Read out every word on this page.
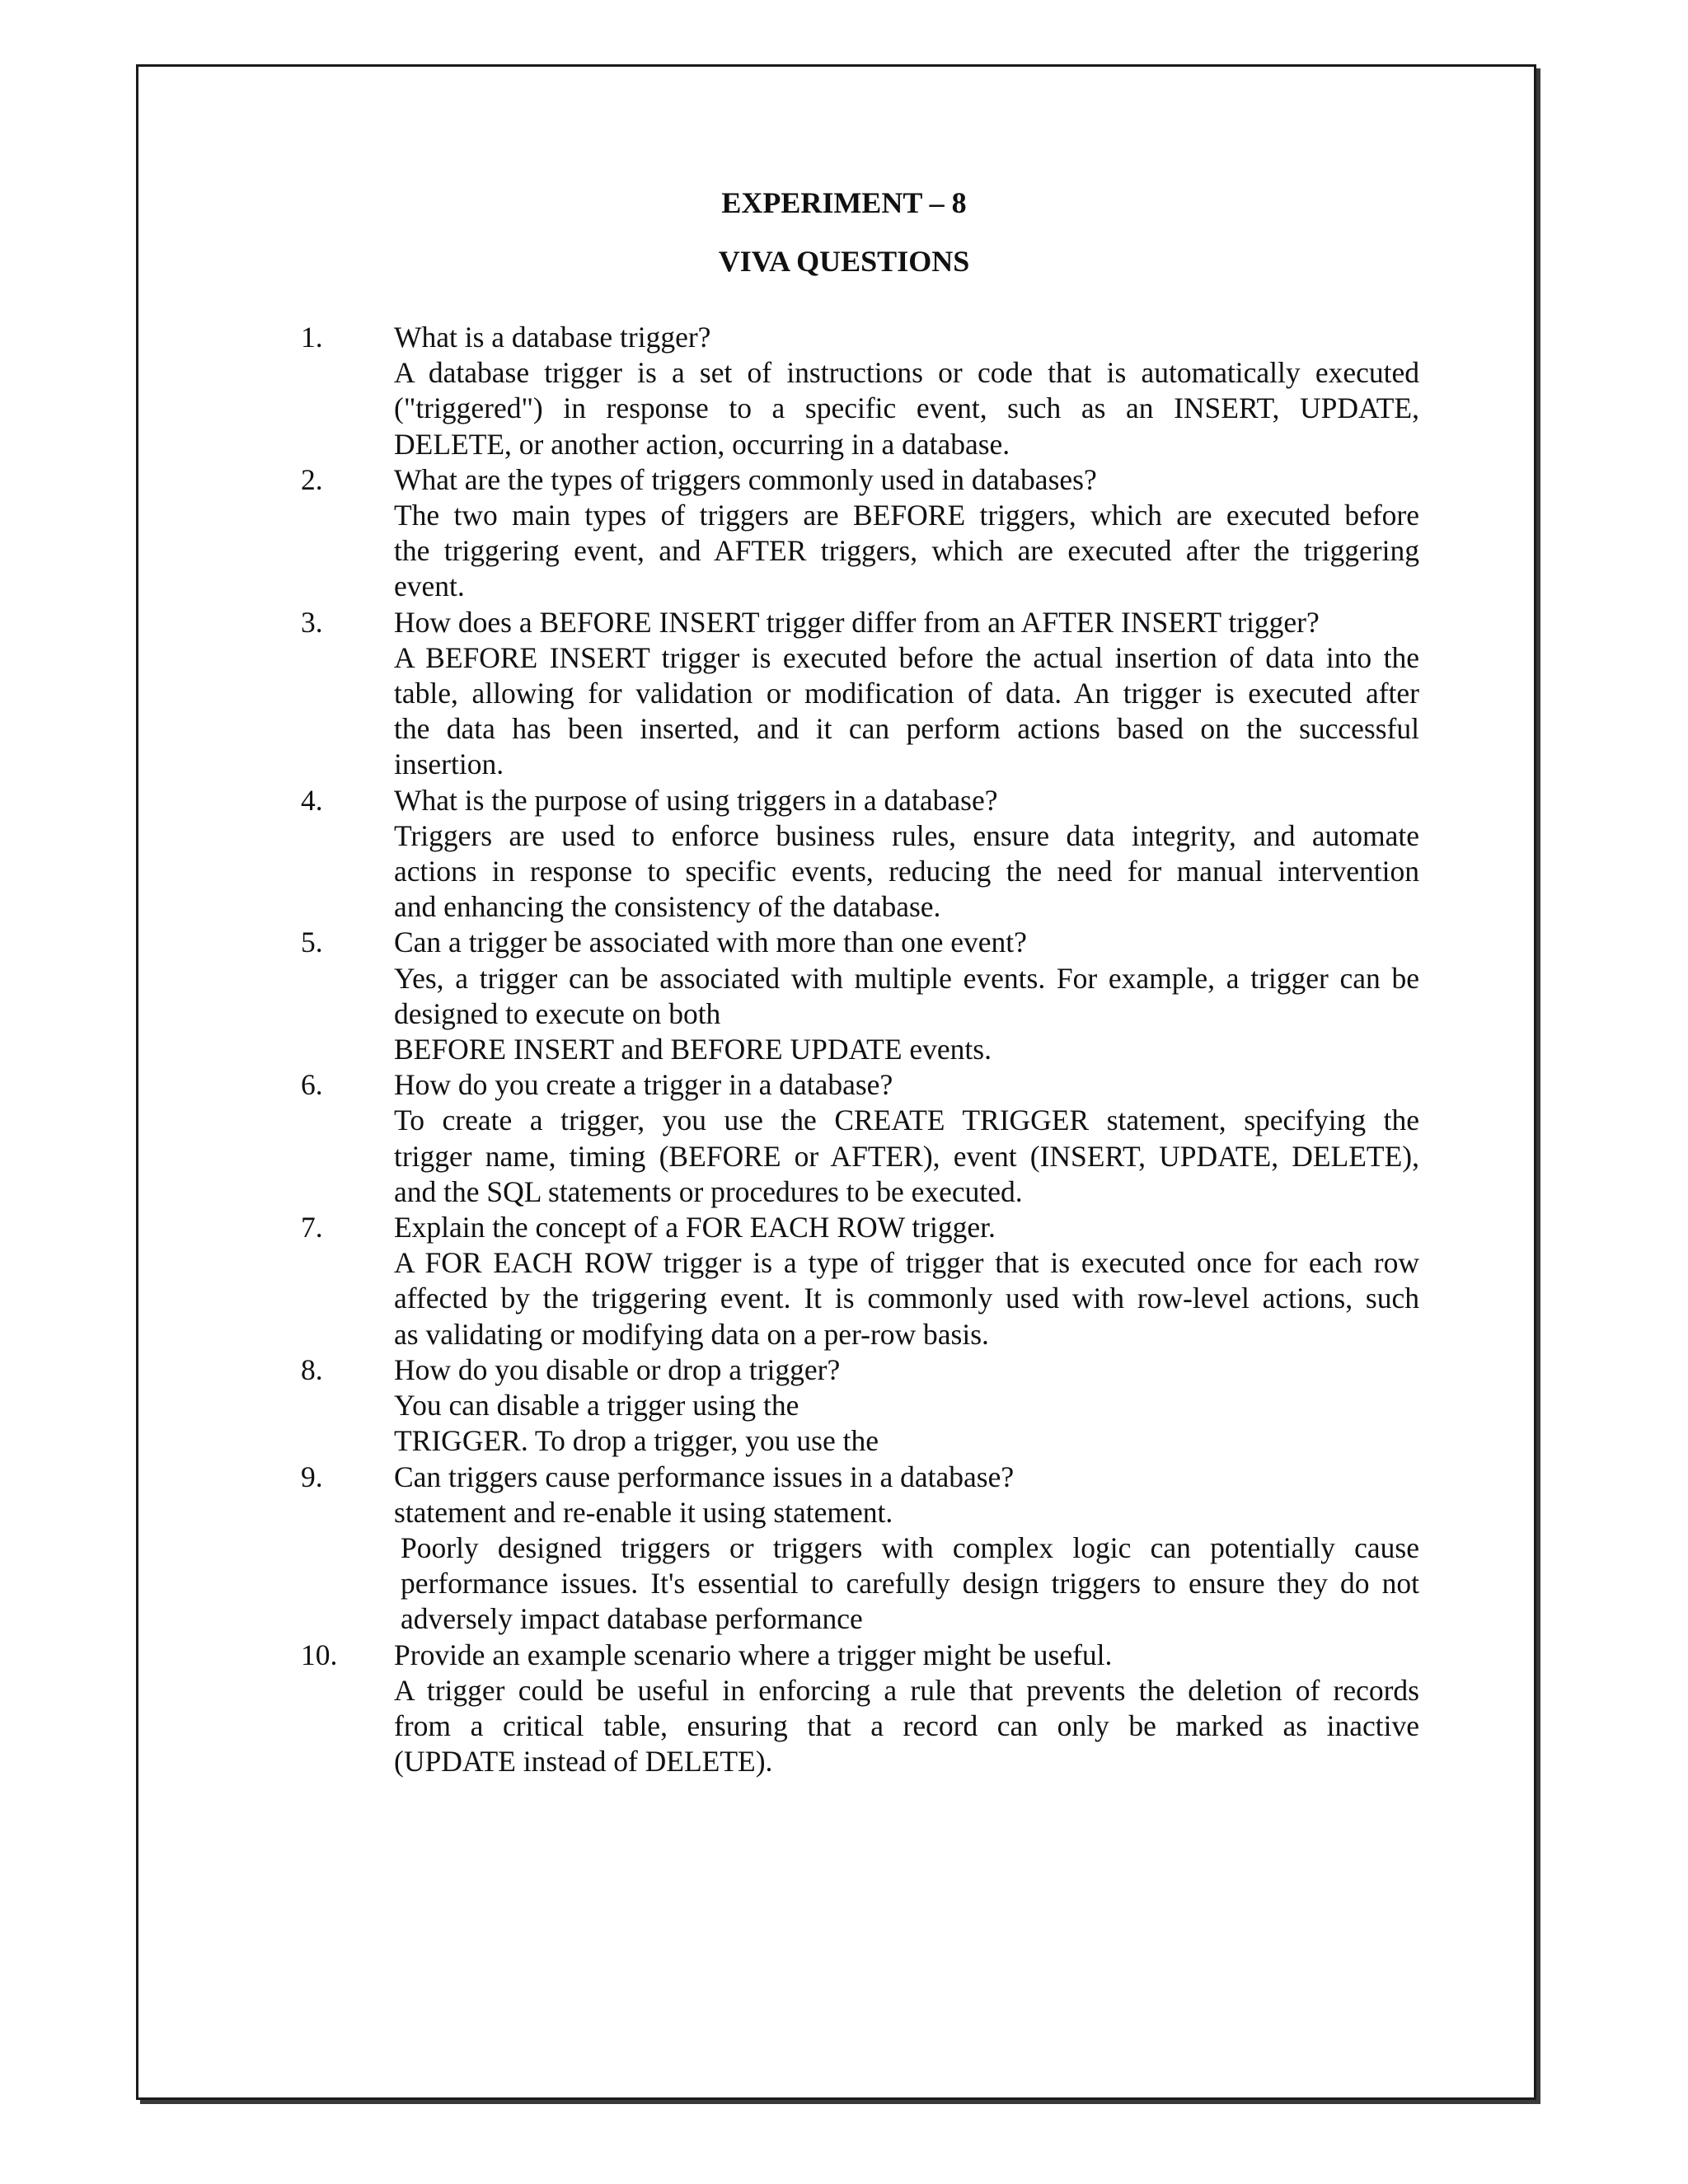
EXPERIMENT – 8
VIVA QUESTIONS
1. What is a database trigger?
A database trigger is a set of instructions or code that is automatically executed
("triggered") in response to a specific event, such as an INSERT, UPDATE,
DELETE, or another action, occurring in a database.
2. What are the types of triggers commonly used in databases?
The two main types of triggers are BEFORE triggers, which are executed before
the triggering event, and AFTER triggers, which are executed after the triggering
event.
3. How does a BEFORE INSERT trigger differ from an AFTER INSERT trigger?
A BEFORE INSERT trigger is executed before the actual insertion of data into the
table, allowing for validation or modification of data. An trigger is executed after
the data has been inserted, and it can perform actions based on the successful
insertion.
4. What is the purpose of using triggers in a database?
Triggers are used to enforce business rules, ensure data integrity, and automate
actions in response to specific events, reducing the need for manual intervention
and enhancing the consistency of the database.
5. Can a trigger be associated with more than one event?
Yes, a trigger can be associated with multiple events. For example, a trigger can be
designed to execute on both
BEFORE INSERT and BEFORE UPDATE events.
6. How do you create a trigger in a database?
To create a trigger, you use the CREATE TRIGGER statement, specifying the
trigger name, timing (BEFORE or AFTER), event (INSERT, UPDATE, DELETE),
and the SQL statements or procedures to be executed.
7. Explain the concept of a FOR EACH ROW trigger.
A FOR EACH ROW trigger is a type of trigger that is executed once for each row
affected by the triggering event. It is commonly used with row-level actions, such
as validating or modifying data on a per-row basis.
8. How do you disable or drop a trigger?
You can disable a trigger using the
TRIGGER. To drop a trigger, you use the
9. Can triggers cause performance issues in a database?
statement and re-enable it using statement.
Poorly designed triggers or triggers with complex logic can potentially cause
performance issues. It's essential to carefully design triggers to ensure they do not
adversely impact database performance
10. Provide an example scenario where a trigger might be useful.
A trigger could be useful in enforcing a rule that prevents the deletion of records
from a critical table, ensuring that a record can only be marked as inactive
(UPDATE instead of DELETE).
